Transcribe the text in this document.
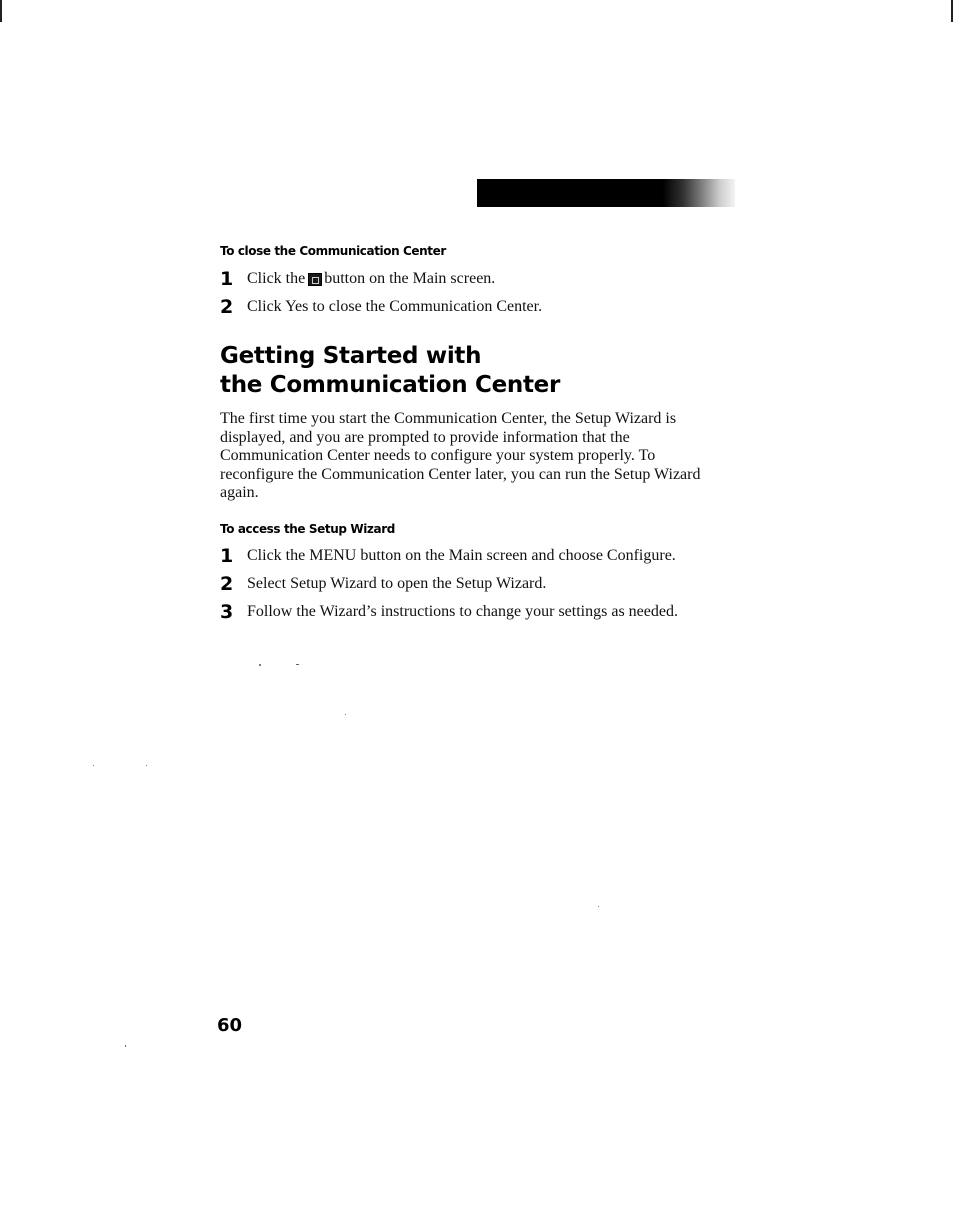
To close the Communication Center
1 Click the button on the Main screen.
2 Click Yes to close the Communication Center.
Getting Started with
the Communication Center

The first time you start the Communication Center, the Setup Wizard is displayed, and you are prompted to provide information that the Communication Center needs to configure your system properly. To reconfigure the Communication Center later, you can run the Setup Wizard again.

To access the Setup Wizard
1 Click the MENU button on the Main screen and choose Configure.
2 Select Setup Wizard to open the Setup Wizard.
3 Follow the Wizard’s instructions to change your settings as needed.
60
